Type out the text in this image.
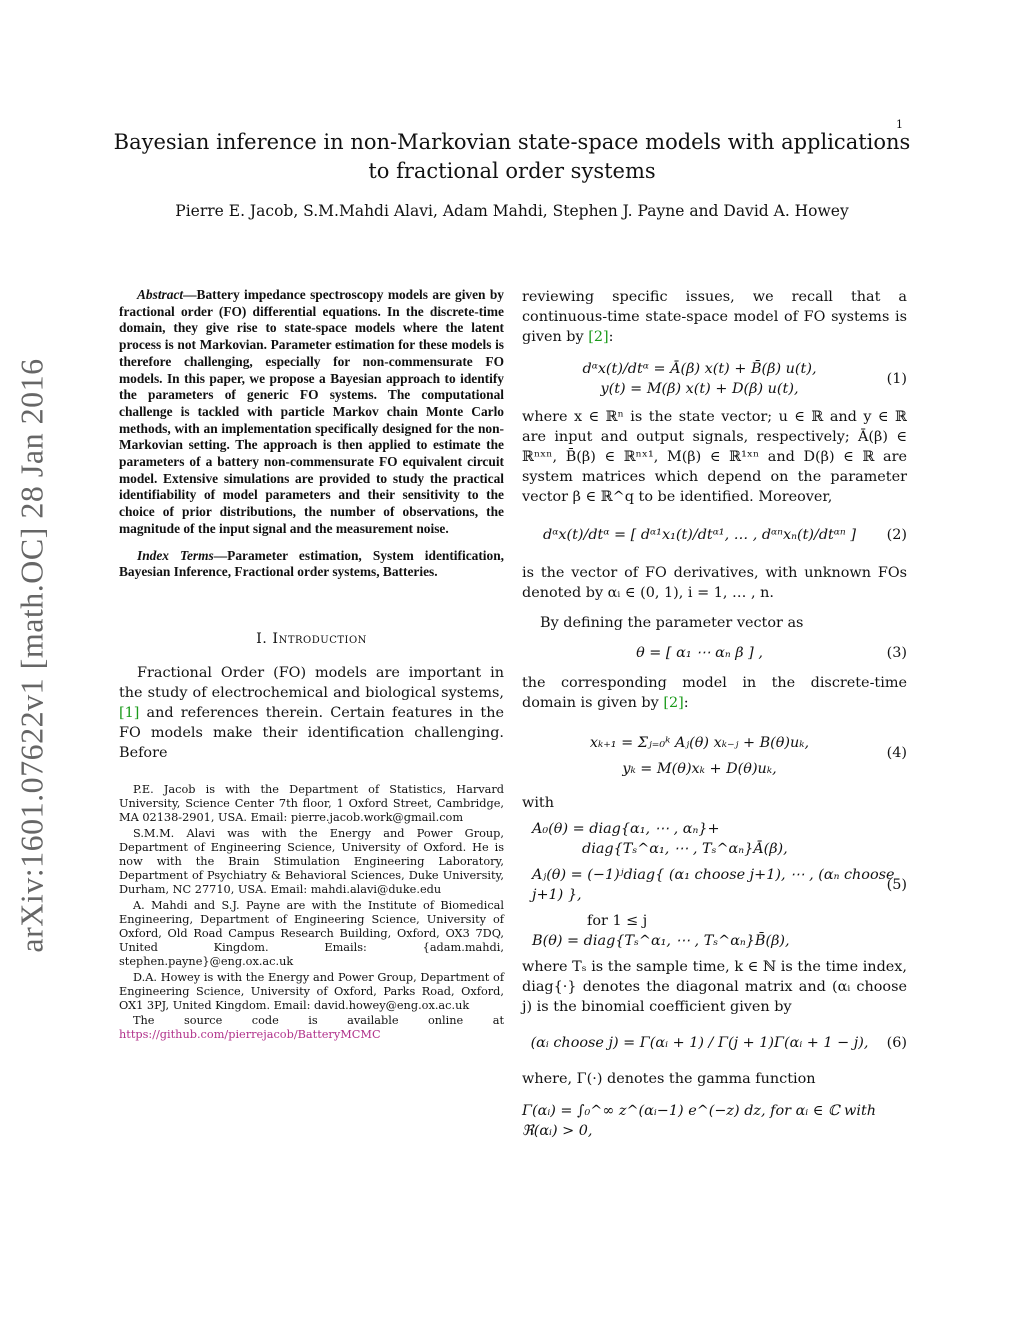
1
Bayesian inference in non-Markovian state-space models with applications to fractional order systems
Pierre E. Jacob, S.M.Mahdi Alavi, Adam Mahdi, Stephen J. Payne and David A. Howey
arXiv:1601.07622v1 [math.OC] 28 Jan 2016

Abstract—Battery impedance spectroscopy models are given by fractional order (FO) differential equations. In the discrete-time domain, they give rise to state-space models where the latent process is not Markovian. Parameter estimation for these models is therefore challenging, especially for non-commensurate FO models. In this paper, we propose a Bayesian approach to identify the parameters of generic FO systems. The computational challenge is tackled with particle Markov chain Monte Carlo methods, with an implementation specifically designed for the non-Markovian setting. The approach is then applied to estimate the parameters of a battery non-commensurate FO equivalent circuit model. Extensive simulations are provided to study the practical identifiability of model parameters and their sensitivity to the choice of prior distributions, the number of observations, the magnitude of the input signal and the measurement noise.

Index Terms—Parameter estimation, System identification, Bayesian Inference, Fractional order systems, Batteries.

I. Introduction

Fractional Order (FO) models are important in the study of electrochemical and biological systems, [1] and references therein. Certain features in the FO models make their identification challenging. Before

P.E. Jacob is with the Department of Statistics, Harvard University, Science Center 7th floor, 1 Oxford Street, Cambridge, MA 02138-2901, USA. Email: pierre.jacob.work@gmail.com

S.M.M. Alavi was with the Energy and Power Group, Department of Engineering Science, University of Oxford. He is now with the Brain Stimulation Engineering Laboratory, Department of Psychiatry & Behavioral Sciences, Duke University, Durham, NC 27710, USA. Email: mahdi.alavi@duke.edu

A. Mahdi and S.J. Payne are with the Institute of Biomedical Engineering, Department of Engineering Science, University of Oxford, Old Road Campus Research Building, Oxford, OX3 7DQ, United Kingdom. Emails: {adam.mahdi, stephen.payne}@eng.ox.ac.uk

D.A. Howey is with the Energy and Power Group, Department of Engineering Science, University of Oxford, Parks Road, Oxford, OX1 3PJ, United Kingdom. Email: david.howey@eng.ox.ac.uk

The source code is available online at https://github.com/pierrejacob/BatteryMCMC

reviewing specific issues, we recall that a continuous-time state-space model of FO systems is given by [2]:

dᵅx(t)/dtᵅ = Ā(β) x(t) + B̄(β) u(t),
y(t) = M(β) x(t) + D(β) u(t),
(1)

where x ∈ ℝⁿ is the state vector; u ∈ ℝ and y ∈ ℝ are input and output signals, respectively; Ā(β) ∈ ℝⁿˣⁿ, B̄(β) ∈ ℝⁿˣ¹, M(β) ∈ ℝ¹ˣⁿ and D(β) ∈ ℝ are system matrices which depend on the parameter vector β ∈ ℝ^q to be identified. Moreover,

dᵅx(t)/dtᵅ = [ dᵅ¹x₁(t)/dtᵅ¹, … , dᵅⁿxₙ(t)/dtᵅⁿ ]	(2)

is the vector of FO derivatives, with unknown FOs denoted by αᵢ ∈ (0, 1), i = 1, … , n.

By defining the parameter vector as

θ = [ α₁ ⋯ αₙ β ] ,	(3)

the corresponding model in the discrete-time domain is given by [2]:

xₖ₊₁ = Σⱼ₌₀ᵏ Aⱼ(θ) xₖ₋ⱼ + B(θ)uₖ,
yₖ = M(θ)xₖ + D(θ)uₖ,
(4)

with

A₀(θ) = diag{α₁, ⋯ , αₙ}+
diag{Tₛ^α₁, ⋯ , Tₛ^αₙ}Ā(β),
Aⱼ(θ) = (−1)ʲdiag{ (α₁ choose j+1), ⋯ , (αₙ choose j+1) },
for 1 ≤ j
B(θ) = diag{Tₛ^α₁, ⋯ , Tₛ^αₙ}B̄(β),
(5)

where Tₛ is the sample time, k ∈ ℕ is the time index, diag{·} denotes the diagonal matrix and (αᵢ choose j) is the binomial coefficient given by

(αᵢ choose j) = Γ(αᵢ + 1) / Γ(j + 1)Γ(αᵢ + 1 − j),	(6)

where, Γ(·) denotes the gamma function

Γ(αᵢ) = ∫₀^∞ z^(αᵢ−1) e^(−z) dz, for αᵢ ∈ ℂ with ℜ(αᵢ) > 0,
